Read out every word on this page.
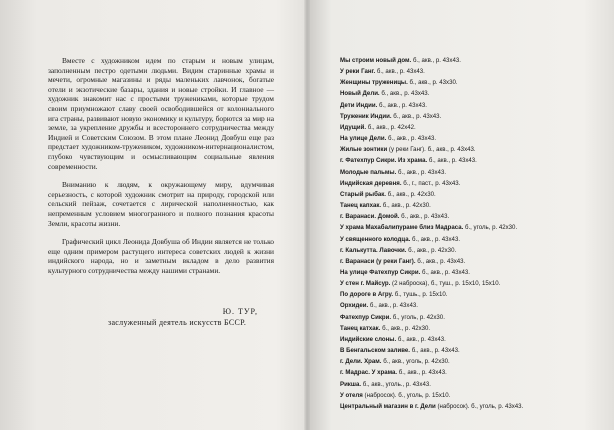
Вместе с художником идем по старым и новым улицам, заполненным пестро одетыми людьми. Видим старинные храмы и мечети, огромные магазины и ряды маленьких лавчонок, богатые отели и экзотические базары, здания и новые стройки. И главное — художник знакомит нас с простыми тружениками, которые трудом своим приумножают славу своей освободившейся от колониального ига страны, развивают новую экономику и культуру, борются за мир на земле, за укрепление дружбы и всестороннего сотрудничества между Индией и Советским Союзом. В этом плане Леонид Довбуш еще раз предстает художником-тружеником, художником-интернационалистом, глубоко чувствующим и осмысливающим социальные явления современности.

Вниманию к людям, к окружающему миру, вдумчивая серьезность, с которой художник смотрит на природу, городской или сельский пейзаж, сочетается с лирической наполненностью, как непременным условием многогранного и полного познания красоты Земли, красоты жизни.

Графический цикл Леонида Довбуша об Индии является не только еще одним примером растущего интереса советских людей к жизни индийского народа, но и заметным вкладом в дело развития культурного сотрудничества между нашими странами.

Ю. ТУР,
заслуженный деятель искусств БССР.
Мы строим новый дом. б., акв., р. 43х43.
У реки Ганг. б., акв., р. 43х43.
Женщины труженицы. б., акв., р. 43х30.
Новый Дели. б., акв., р. 43х43.
Дети Индии. б., акв., р. 43х43.
Труженик Индии. б., акв., р. 43х43.
Идущий. б., акв., р. 42х42.
На улице Дели. б., акв., р. 43х43.
Жилые зонтики (у реки Ганг). б., акв., р. 43х43.
г. Фатехпур Сикри. Из храма. б., акв., р. 43х43.
Молодые пальмы. б., акв., р. 43х43.
Индийская деревня. б., г., паст., р. 43х43.
Старый рыбак. б., акв., р. 42х30.
Танец капхак. б., акв., р. 42х30.
г. Варанаси. Домой. б., акв., р. 43х43.
У храма Махабалипураме близ Мадраса. б., уголь, р. 42х30.
У священного колодца. б., акв., р. 43х43.
г. Калькутта. Лавочки. б., акв., р. 42х30.
г. Варанаси (у реки Ганг). б., акв., р. 43х43.
На улице Фатехпур Сикри. б., акв., р. 43х43.
У стен г. Майсур. (2 наброска), б., туш., р. 15х10, 15х10.
По дороге в Агру. б., тушь., р. 15х10.
Орхидеи. б., акв., р. 43х43.
Фатехпур Сикри. б., уголь, р. 42х30.
Танец катхак. б., акв., р. 42х30.
Индийские слоны. б., акв., р. 43х43.
В Бенгальском заливе. б., акв., р. 43х43.
г. Дели. Храм. б., акв., уголь, р. 42х30.
г. Мадрас. У храма. б., акв., р. 43х43.
Рикша. б., акв., уголь., р. 43х43.
У отеля (набросок). б., уголь, р. 15х10.
Центральный магазин в г. Дели (набросок). б., уголь, р. 43х43.
